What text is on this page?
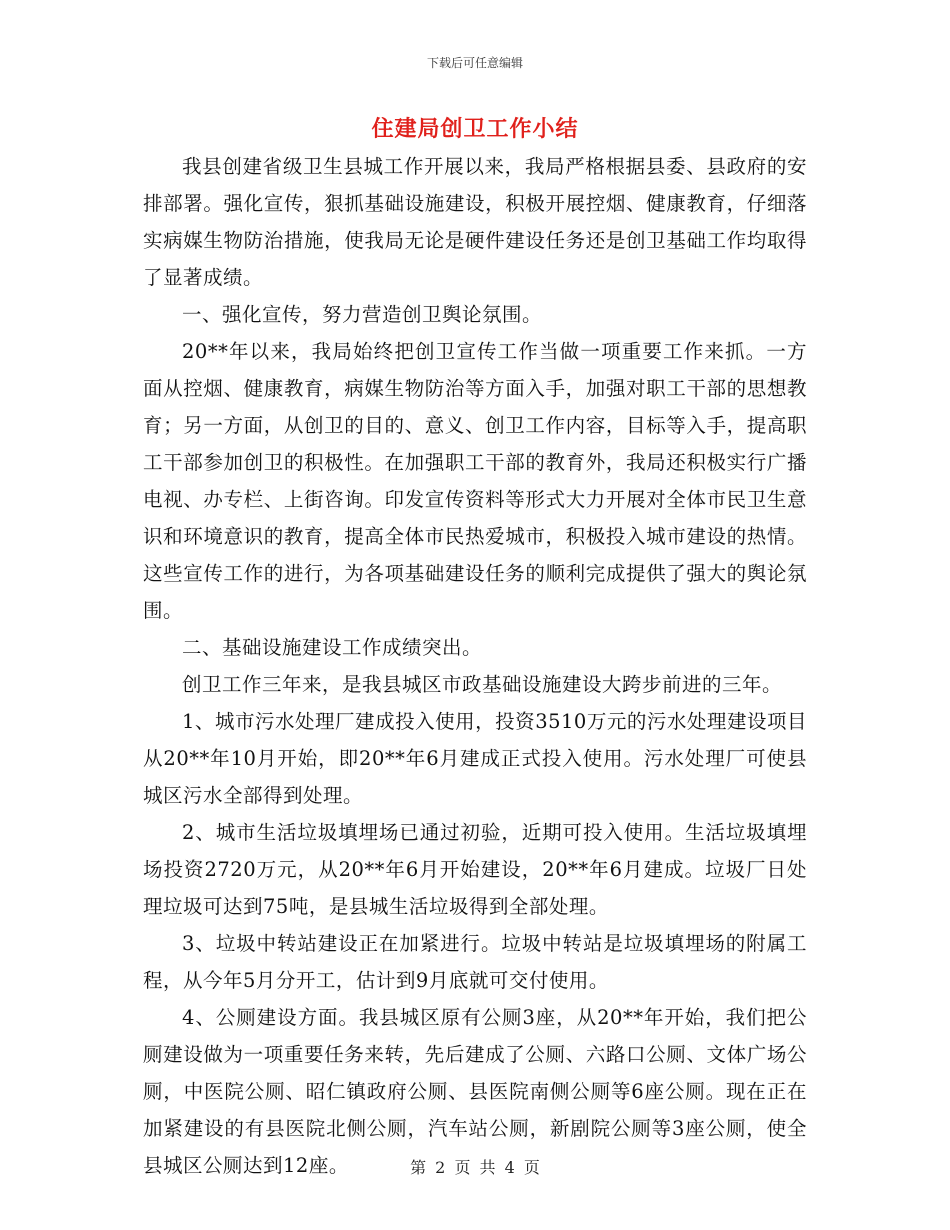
下载后可任意编辑
住建局创卫工作小结

我县创建省级卫生县城工作开展以来，我局严格根据县委、县政府的安排部署。强化宣传，狠抓基础设施建设，积极开展控烟、健康教育，仔细落实病媒生物防治措施，使我局无论是硬件建设任务还是创卫基础工作均取得了显著成绩。

一、强化宣传，努力营造创卫舆论氛围。

20**年以来，我局始终把创卫宣传工作当做一项重要工作来抓。一方面从控烟、健康教育，病媒生物防治等方面入手，加强对职工干部的思想教育；另一方面，从创卫的目的、意义、创卫工作内容，目标等入手，提高职工干部参加创卫的积极性。在加强职工干部的教育外，我局还积极实行广播电视、办专栏、上街咨询。印发宣传资料等形式大力开展对全体市民卫生意识和环境意识的教育，提高全体市民热爱城市，积极投入城市建设的热情。这些宣传工作的进行，为各项基础建设任务的顺利完成提供了强大的舆论氛围。

二、基础设施建设工作成绩突出。

创卫工作三年来，是我县城区市政基础设施建设大跨步前进的三年。

1、城市污水处理厂建成投入使用，投资3510万元的污水处理建设项目从20**年10月开始，即20**年6月建成正式投入使用。污水处理厂可使县城区污水全部得到处理。

2、城市生活垃圾填埋场已通过初验，近期可投入使用。生活垃圾填埋场投资2720万元，从20**年6月开始建设，20**年6月建成。垃圾厂日处理垃圾可达到75吨，是县城生活垃圾得到全部处理。

3、垃圾中转站建设正在加紧进行。垃圾中转站是垃圾填埋场的附属工程，从今年5月分开工，估计到9月底就可交付使用。

4、公厕建设方面。我县城区原有公厕3座，从20**年开始，我们把公厕建设做为一项重要任务来转，先后建成了公厕、六路口公厕、文体广场公厕，中医院公厕、昭仁镇政府公厕、县医院南侧公厕等6座公厕。现在正在加紧建设的有县医院北侧公厕，汽车站公厕，新剧院公厕等3座公厕，使全县城区公厕达到12座。	第 2 页 共 4 页
